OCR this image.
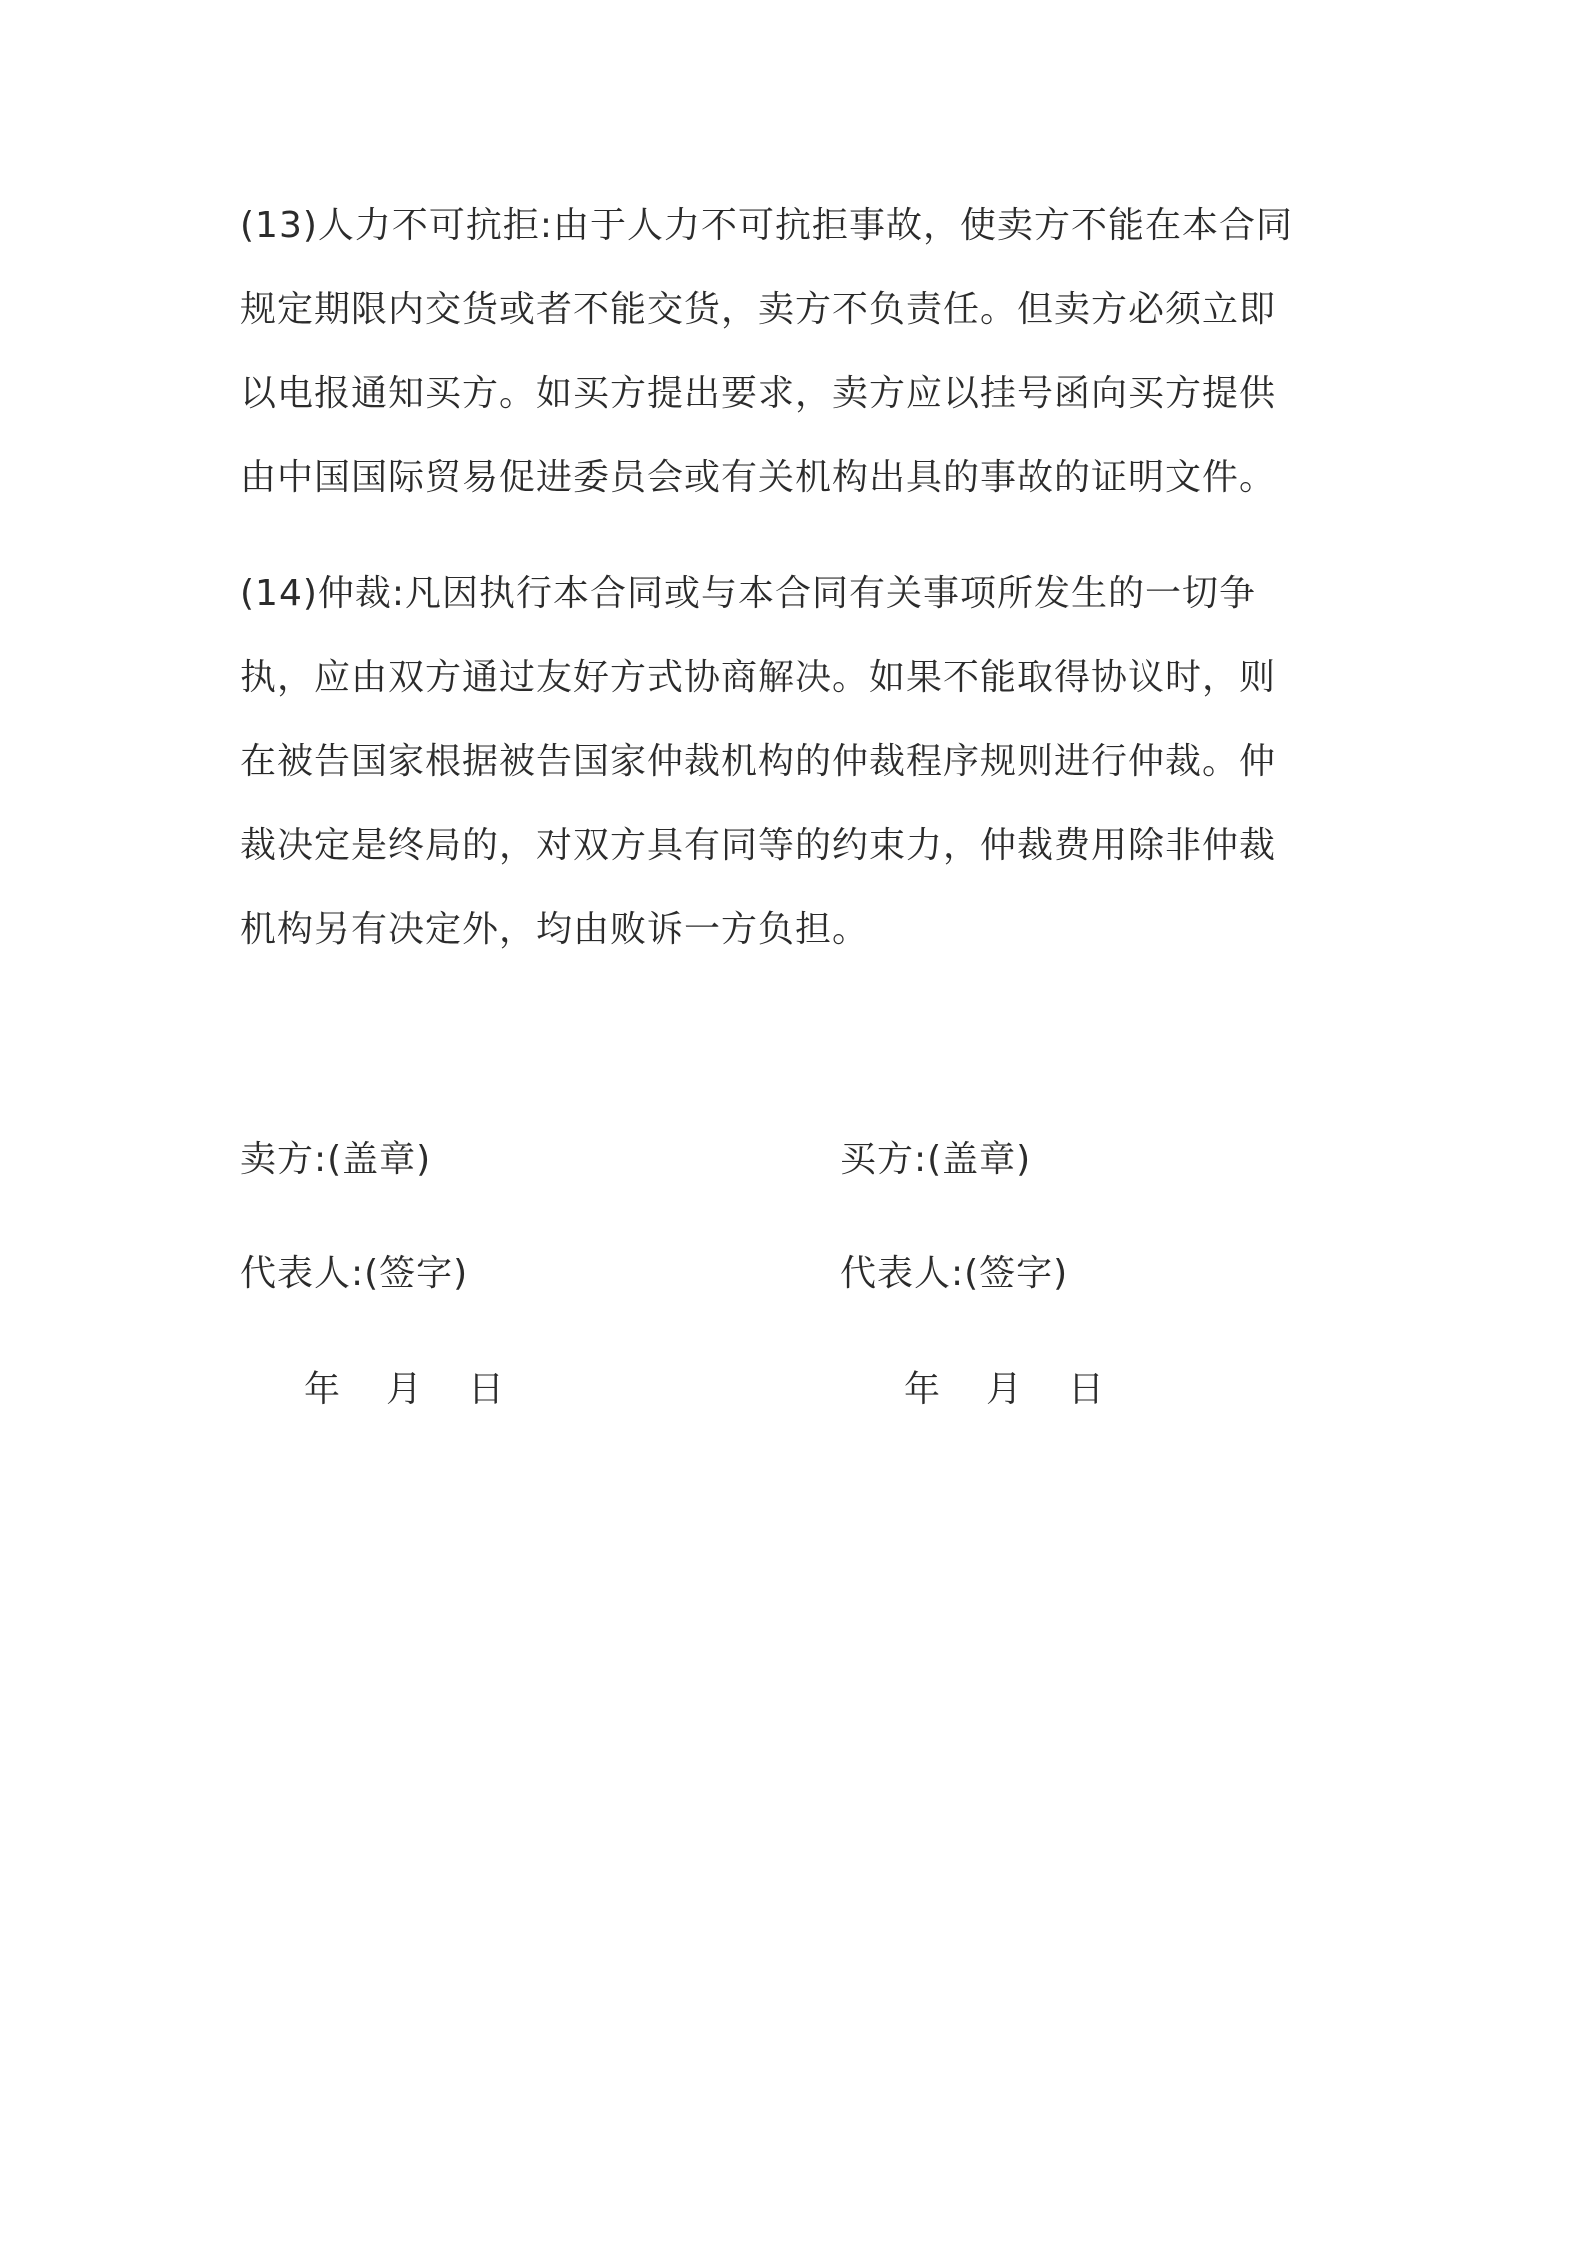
(13)人力不可抗拒:由于人力不可抗拒事故，使卖方不能在本合同
规定期限内交货或者不能交货，卖方不负责任。但卖方必须立即
以电报通知买方。如买方提出要求，卖方应以挂号函向买方提供
由中国国际贸易促进委员会或有关机构出具的事故的证明文件。
(14)仲裁:凡因执行本合同或与本合同有关事项所发生的一切争
执，应由双方通过友好方式协商解决。如果不能取得协议时，则
在被告国家根据被告国家仲裁机构的仲裁程序规则进行仲裁。仲
裁决定是终局的，对双方具有同等的约束力，仲裁费用除非仲裁
机构另有决定外，均由败诉一方负担。
卖方:(盖章)	买方:(盖章)
代表人:(签字)	代表人:(签字)
年 月 日	年 月 日
